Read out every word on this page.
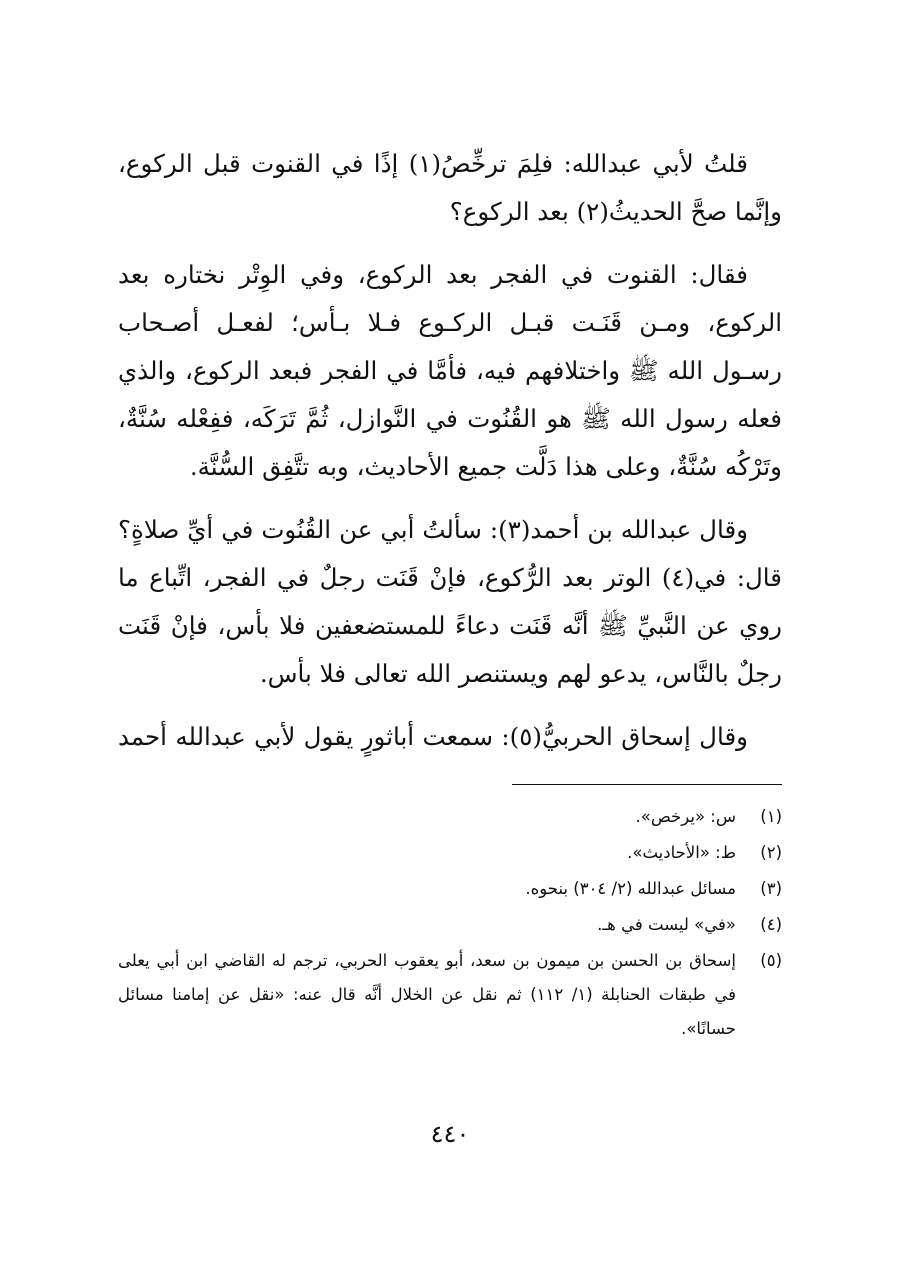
قلتُ لأبي عبدالله: فلِمَ ترخِّصُ(١) إذًا في القنوت قبل الركوع، وإنَّما صحَّ الحديثُ(٢) بعد الركوع؟

فقال: القنوت في الفجر بعد الركوع، وفي الوِتْر نختاره بعد الركوع، ومـن قَنَـت قبـل الركـوع فـلا بـأس؛ لفعـل أصـحاب رسـول الله ﷺ واختلافهم فيه، فأمَّا في الفجر فبعد الركوع، والذي فعله رسول الله ﷺ هو القُنُوت في النَّوازل، ثُمَّ تَرَكَه، ففِعْله سُنَّةٌ، وتَرْكُه سُنَّةٌ، وعلى هذا دَلَّت جميع الأحاديث، وبه تتَّفِق السُّنَّة.

وقال عبدالله بن أحمد(٣): سألتُ أبي عن القُنُوت في أيِّ صلاةٍ؟ قال: في(٤) الوتر بعد الرُّكوع، فإنْ قَنَت رجلٌ في الفجر، اتِّباع ما روي عن النَّبيِّ ﷺ أنَّه قَنَت دعاءً للمستضعفين فلا بأس، فإنْ قَنَت رجلٌ بالنَّاس، يدعو لهم ويستنصر الله تعالى فلا بأس.

وقال إسحاق الحربيُّ(٥): سمعت أباثورٍ يقول لأبي عبدالله أحمد

(١)
س: «يرخص».
(٢)
ط: «الأحاديث».
(٣)
مسائل عبدالله (٢/ ٣٠٤) بنحوه.
(٤)
«في» ليست في هـ.
(٥)
إسحاق بن الحسن بن ميمون بن سعد، أبو يعقوب الحربي، ترجم له القاضي ابن أبي يعلى في طبقات الحنابلة (١/ ١١٢) ثم نقل عن الخلال أنَّه قال عنه: «نقل عن إمامنا مسائل حسانًا».
٤٤٠
